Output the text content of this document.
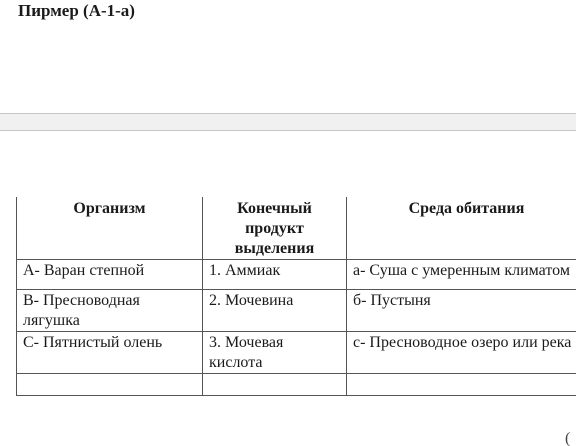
Пирмер (А-1-а)
Организм	Конечный продукт выделения	Среда обитания
А- Варан степной	1. Аммиак	а- Суша с умеренным климатом
В- Пресноводная лягушка	2. Мочевина	б- Пустыня
С- Пятнистый олень	3. Мочевая кислота	с- Пресноводное озеро или река

(
